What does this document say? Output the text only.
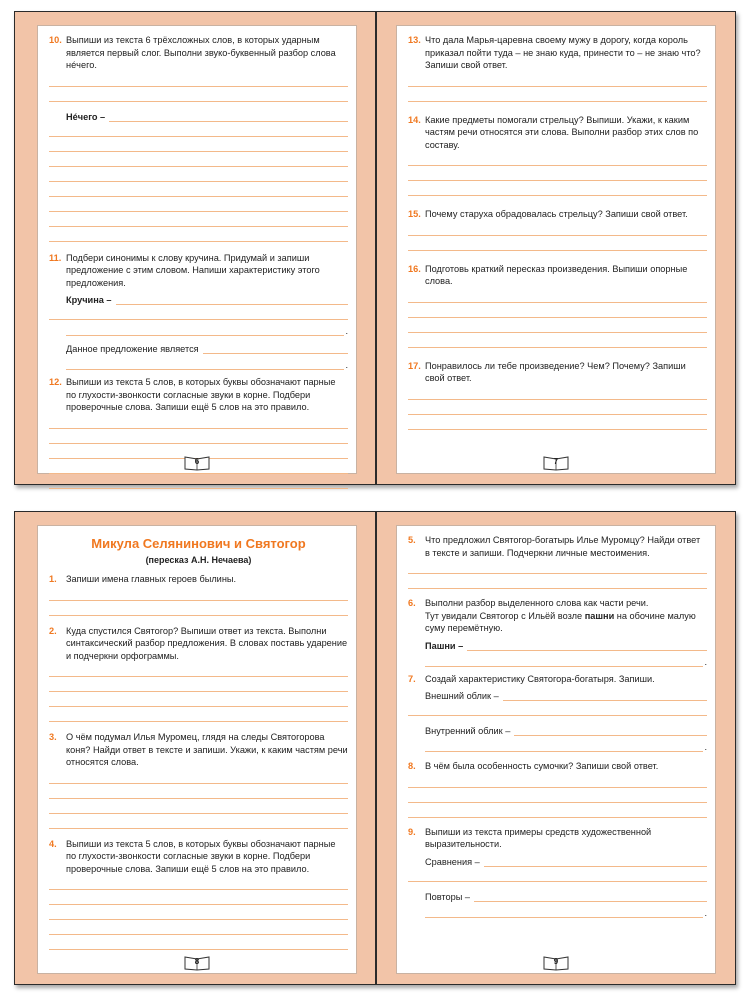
10. Выпиши из текста 6 трёхсложных слов, в которых ударным является первый слог. Выполни звуко-буквенный разбор слова нéчего.

Нéчего –

11. Подбери синонимы к слову кручина. Придумай и запиши предложение с этим словом. Напиши характеристику этого предложения.

Кручина –
.
Данное предложение является
.

12. Выпиши из текста 5 слов, в которых буквы обозначают парные по глухости-звонкости согласные звуки в корне. Подбери проверочные слова. Запиши ещё 5 слов на это правило.

6

13. Что дала Марья-царевна своему мужу в дорогу, когда король приказал пойти туда – не знаю куда, принести то – не знаю что? Запиши свой ответ.

14. Какие предметы помогали стрельцу? Выпиши. Укажи, к каким частям речи относятся эти слова. Выполни разбор этих слов по составу.

15. Почему старуха обрадовалась стрельцу? Запиши свой ответ.

16. Подготовь краткий пересказ произведения. Выпиши опорные слова.

17. Понравилось ли тебе произведение? Чем? Почему? Запиши свой ответ.

7
Микула Селянинович и Святогор
(пересказ А.Н. Нечаева)

1. Запиши имена главных героев былины.

2. Куда спустился Святогор? Выпиши ответ из текста. Выполни синтаксический разбор предложения. В словах поставь ударение и подчеркни орфограммы.

3. О чём подумал Илья Муромец, глядя на следы Святогорова коня? Найди ответ в тексте и запиши. Укажи, к каким частям речи относятся слова.

4. Выпиши из текста 5 слов, в которых буквы обозначают парные по глухости-звонкости согласные звуки в корне. Подбери проверочные слова. Запиши ещё 5 слов на это правило.

8

5. Что предложил Святогор-богатырь Илье Муромцу? Найди ответ в тексте и запиши. Подчеркни личные местоимения.

6. Выполни разбор выделенного слова как части речи.

Тут увидали Святогор с Ильёй возле пашни на обочине малую суму перемётную.
Пашни –
.

7. Создай характеристику Святогора-богатыря. Запиши.

Внешний облик –
Внутренний облик –
.

8. В чём была особенность сумочки? Запиши свой ответ.

9. Выпиши из текста примеры средств художественной выразительности.

Сравнения –
Повторы –
.
9
